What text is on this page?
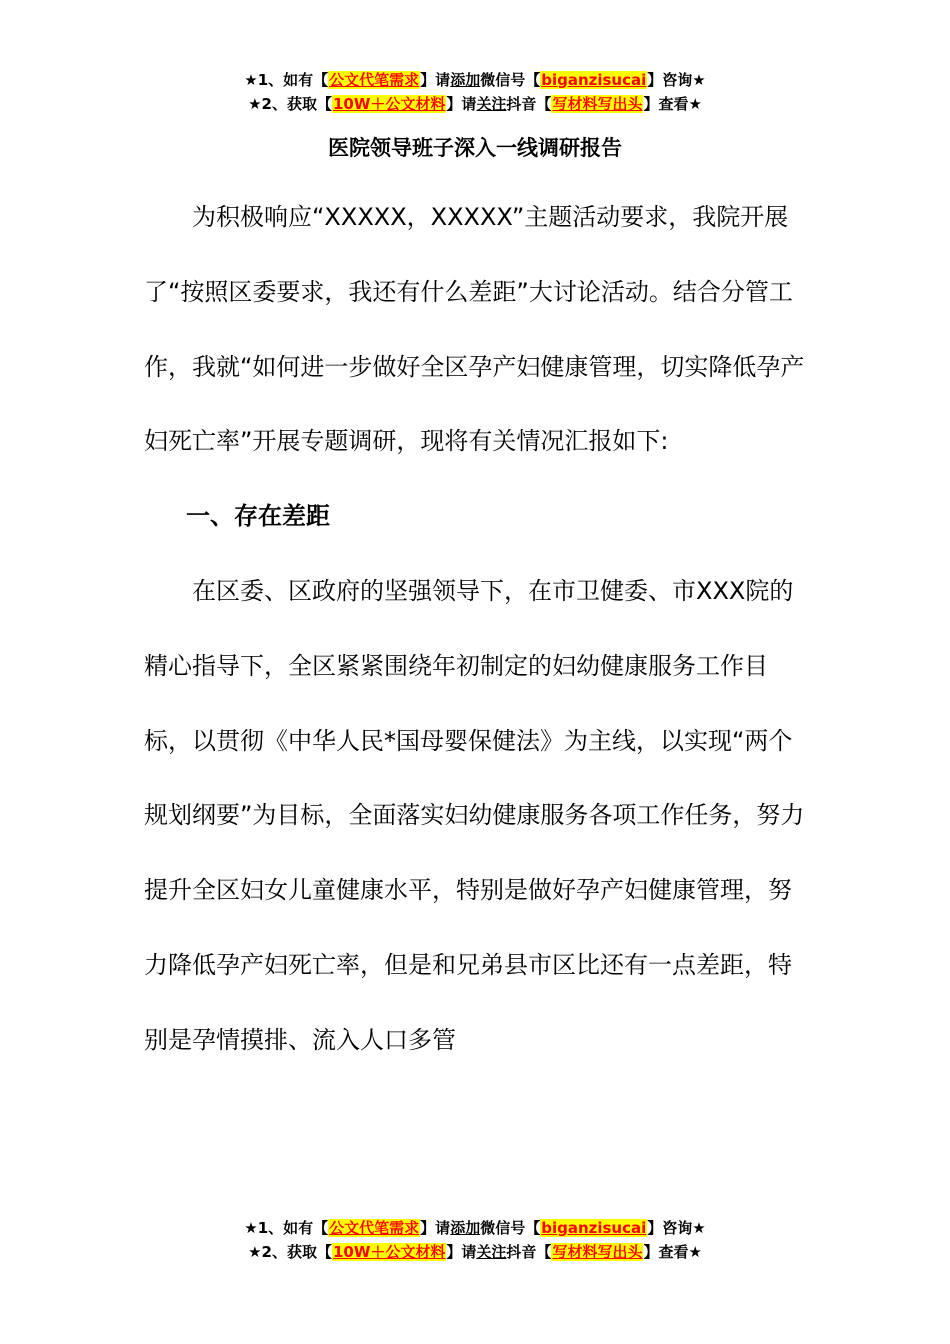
★1、如有【公文代笔需求】请添加微信号【biganzisucai】咨询★
★2、获取【10W＋公文材料】请关注抖音【写材料写出头】查看★
医院领导班子深入一线调研报告

为积极响应“XXXXX，XXXXX”主题活动要求，我院开展了“按照区委要求，我还有什么差距”大讨论活动。结合分管工作，我就“如何进一步做好全区孕产妇健康管理，切实降低孕产妇死亡率”开展专题调研，现将有关情况汇报如下:

一、存在差距

在区委、区政府的坚强领导下，在市卫健委、市XXX院的精心指导下，全区紧紧围绕年初制定的妇幼健康服务工作目标，以贯彻《中华人民*国母婴保健法》为主线，以实现“两个规划纲要”为目标，全面落实妇幼健康服务各项工作任务，努力提升全区妇女儿童健康水平，特别是做好孕产妇健康管理，努力降低孕产妇死亡率，但是和兄弟县市区比还有一点差距，特别是孕情摸排、流入人口多管

★1、如有【公文代笔需求】请添加微信号【biganzisucai】咨询★
★2、获取【10W＋公文材料】请关注抖音【写材料写出头】查看★
